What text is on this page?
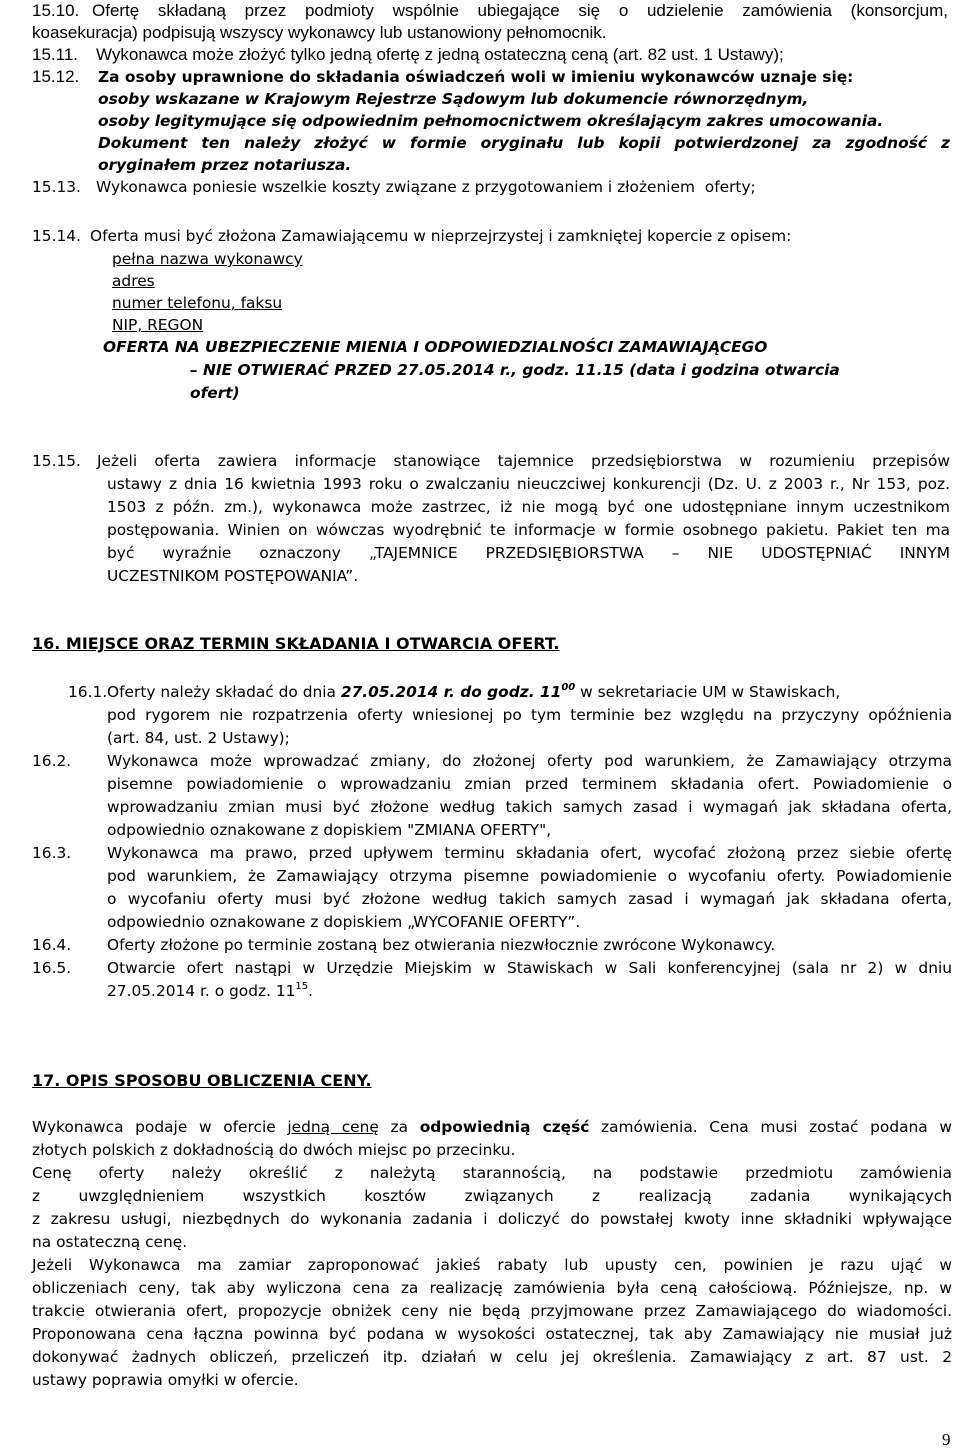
15.10. Ofertę składaną przez podmioty wspólnie ubiegające się o udzielenie zamówienia (konsorcjum,
koasekuracja) podpisują wszyscy wykonawcy lub ustanowiony pełnomocnik.
15.11. Wykonawca może złożyć tylko jedną ofertę z jedną ostateczną ceną (art. 82 ust. 1 Ustawy);
15.12. Za osoby uprawnione do składania oświadczeń woli w imieniu wykonawców uznaje się:
osoby wskazane w Krajowym Rejestrze Sądowym lub dokumencie równorzędnym,
osoby legitymujące się odpowiednim pełnomocnictwem określającym zakres umocowania.
Dokument ten należy złożyć w formie oryginału lub kopii potwierdzonej za zgodność z
oryginałem przez notariusza.
15.13. Wykonawca poniesie wszelkie koszty związane z przygotowaniem i złożeniem  oferty;
15.14. Oferta musi być złożona Zamawiającemu w nieprzejrzystej i zamkniętej kopercie z opisem:
pełna nazwa wykonawcy
adres
numer telefonu, faksu
NIP, REGON
OFERTA NA UBEZPIECZENIE MIENIA I ODPOWIEDZIALNOŚCI ZAMAWIAJĄCEGO
– NIE OTWIERAĆ PRZED 27.05.2014 r., godz. 11.15 (data i godzina otwarcia
ofert)
15.15. Jeżeli oferta zawiera informacje stanowiące tajemnice przedsiębiorstwa w rozumieniu przepisów
ustawy z dnia 16 kwietnia 1993 roku o zwalczaniu nieuczciwej konkurencji (Dz. U. z 2003 r., Nr 153, poz.
1503 z późn. zm.), wykonawca może zastrzec, iż nie mogą być one udostępniane innym uczestnikom
postępowania. Winien on wówczas wyodrębnić te informacje w formie osobnego pakietu. Pakiet ten ma
być wyraźnie oznaczony „TAJEMNICE PRZEDSIĘBIORSTWA – NIE UDOSTĘPNIAĆ INNYM
UCZESTNIKOM POSTĘPOWANIA”.
16. MIEJSCE ORAZ TERMIN SKŁADANIA I OTWARCIA OFERT.
16.1. Oferty należy składać do dnia 27.05.2014 r. do godz. $11^{00}$ w sekretariacie UM w Stawiskach,
pod rygorem nie rozpatrzenia oferty wniesionej po tym terminie bez względu na przyczyny opóźnienia
(art. 84, ust. 2 Ustawy);
16.2. Wykonawca może wprowadzać zmiany, do złożonej oferty pod warunkiem, że Zamawiający otrzyma
pisemne powiadomienie o wprowadzaniu zmian przed terminem składania ofert. Powiadomienie o
wprowadzaniu zmian musi być złożone według takich samych zasad i wymagań jak składana oferta,
odpowiednio oznakowane z dopiskiem "ZMIANA OFERTY",
16.3. Wykonawca ma prawo, przed upływem terminu składania ofert, wycofać złożoną przez siebie ofertę
pod warunkiem, że Zamawiający otrzyma pisemne powiadomienie o wycofaniu oferty. Powiadomienie
o wycofaniu oferty musi być złożone według takich samych zasad i wymagań jak składana oferta,
odpowiednio oznakowane z dopiskiem „WYCOFANIE OFERTY”.
16.4. Oferty złożone po terminie zostaną bez otwierania niezwłocznie zwrócone Wykonawcy.
16.5. Otwarcie ofert nastąpi w Urzędzie Miejskim w Stawiskach w Sali konferencyjnej (sala nr 2) w dniu
27.05.2014 r. o godz. $11^{15}$.
17. OPIS SPOSOBU OBLICZENIA CENY.
Wykonawca podaje w ofercie jedną cenę za odpowiednią część zamówienia. Cena musi zostać podana w
złotych polskich z dokładnością do dwóch miejsc po przecinku.
Cenę oferty należy określić z należytą starannością, na podstawie przedmiotu zamówienia
z uwzględnieniem wszystkich kosztów związanych z realizacją zadania wynikających
z zakresu usługi, niezbędnych do wykonania zadania i doliczyć do powstałej kwoty inne składniki wpływające
na ostateczną cenę.
Jeżeli Wykonawca ma zamiar zaproponować jakieś rabaty lub upusty cen, powinien je razu ująć w
obliczeniach ceny, tak aby wyliczona cena za realizację zamówienia była ceną całościową. Późniejsze, np. w
trakcie otwierania ofert, propozycje obniżek ceny nie będą przyjmowane przez Zamawiającego do wiadomości.
Proponowana cena łączna powinna być podana w wysokości ostatecznej, tak aby Zamawiający nie musiał już
dokonywać żadnych obliczeń, przeliczeń itp. działań w celu jej określenia. Zamawiający z art. 87 ust. 2
ustawy poprawia omyłki w ofercie.
9
